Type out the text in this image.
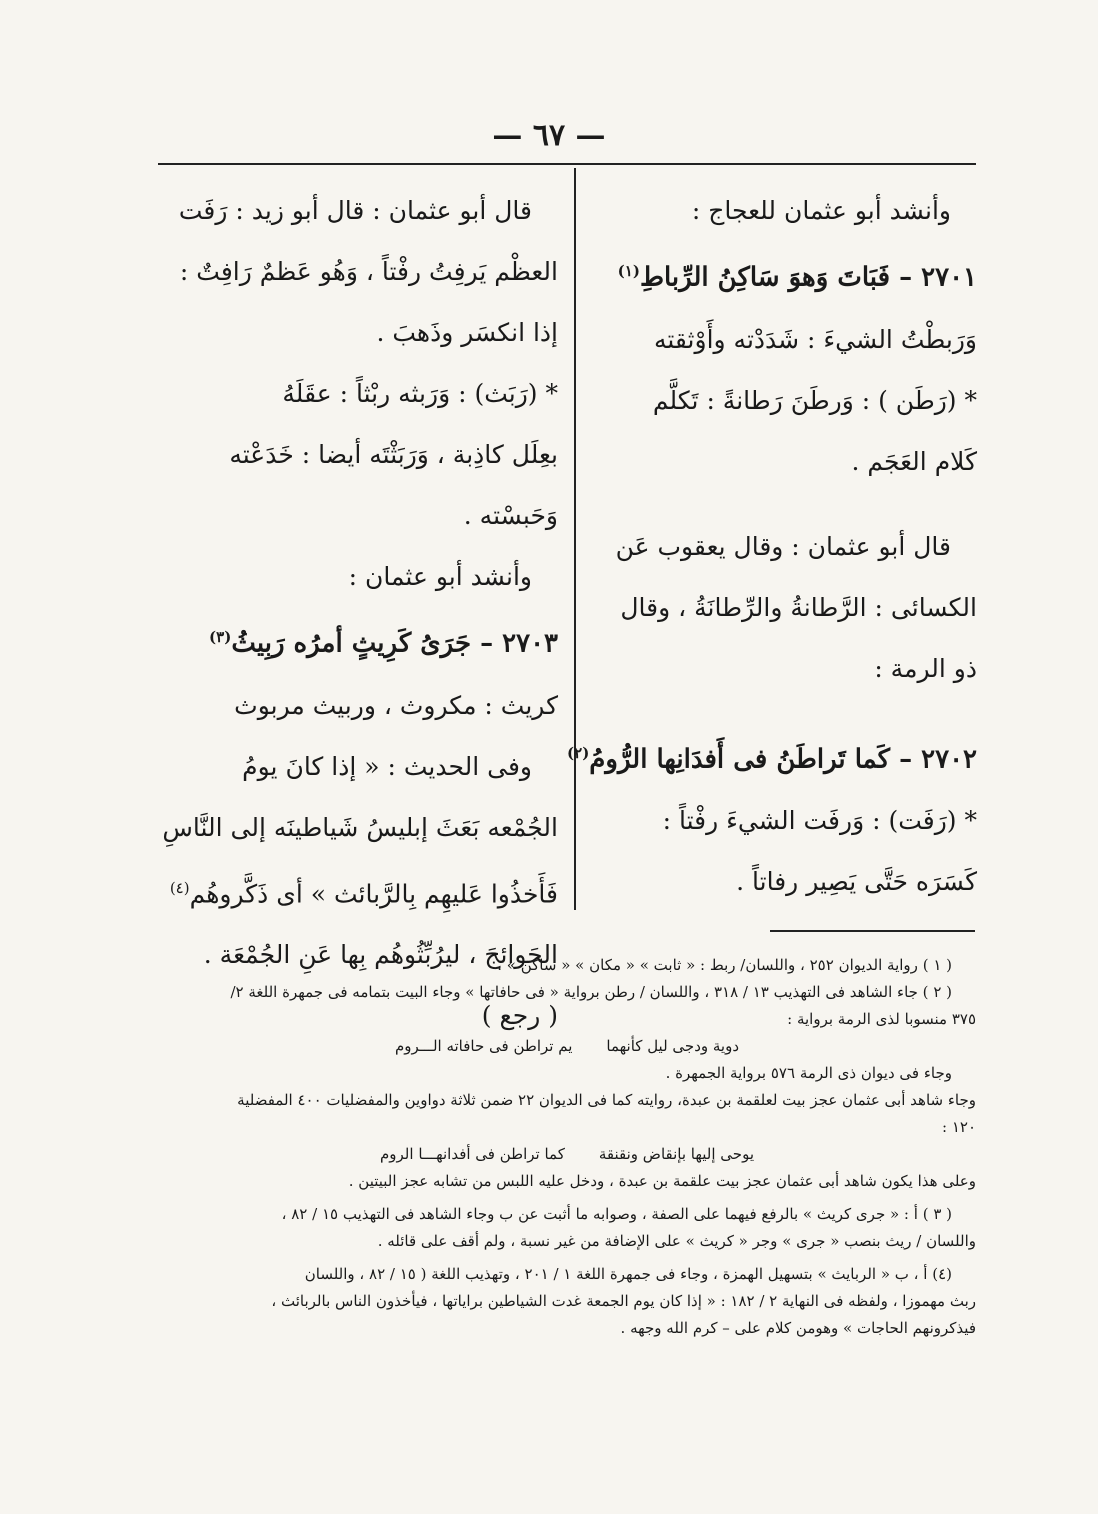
— ٦٧ —
وأنشد أبو عثمان للعجاج :
٢٧٠١ – فَبَاتَ وَهوَ سَاكِنُ الرِّباطِ$^{(١)}$
وَرَبطْتُ الشيءَ : شَدَدْته وأَوْثقته
* (رَطَن ) : وَرطَنَ رَطانةً : تَكلَّم
كَلام العَجَم .
قال أبو عثمان : وقال يعقوب عَن
الكسائى : الرَّطانةُ والرِّطانَةُ ، وقال
ذو الرمة :
٢٧٠٢ – كَما تَراطَنُ فى أَفدَانِها الرُّومُ$^{(٢)}$
* (رَفَت) : وَرفَت الشيءَ رفْتاً :
كَسَرَه حَتَّى يَصِير رفاتاً .
قال أبو عثمان : قال أبو زيد : رَفَت
العظْم يَرفِتُ رفْتاً ، وَهُو عَظمٌ رَافِتٌ :
إذا انكسَر وذَهبَ .
* (رَبَث) : وَرَبثه ربْثاً : عقَلَهُ
بعِلَل كاذِبة ، وَرَبَثْتَه أيضا : خَدَعْته
وَحَبسْته .
وأنشد أبو عثمان :
٢٧٠٣ – جَرَىُ كَرِيثٍ أمرُه رَبِيثُ$^{(٣)}$
كريث : مكروث ، وربيث مربوث
وفى الحديث : « إذا كانَ يومُ
الجُمْعه بَعَثَ إبليسُ شَياطينَه إلى النَّاسِ
فَأَخذُوا عَليهِم بِالرَّبائث » أى ذَكَّروهُم$^{(٤)}$
الحَوائجَ ، ليرُبِّثُوهُم بِها عَنِ الجُمْعَة .
( رجع )
( ١ ) رواية الديوان ٢٥٢ ، واللسان/ ربط : « ثابت » « مكان » « ساكن » .
( ٢ ) جاء الشاهد فى التهذيب ١٣ / ٣١٨ ، واللسان / رطن برواية « فى حافاتها » وجاء البيت بتمامه فى جمهرة اللغة ٢/
٣٧٥ منسوبا لذى الرمة برواية :
دوية ودجى ليل كأنهما
يم تراطن فى حافاته الـــروم
وجاء فى ديوان ذى الرمة ٥٧٦ برواية الجمهرة .
وجاء شاهد أبى عثمان عجز بيت لعلقمة بن عبدة، روايته كما فى الديوان ٢٢ ضمن ثلاثة دواوين والمفضليات ٤٠٠ المفضلية
١٢٠ :
يوحى إليها بإنقاض ونقنقة
كما تراطن فى أفدانهـــا الروم
وعلى هذا يكون شاهد أبى عثمان عجز بيت علقمة بن عبدة ، ودخل عليه اللبس من تشابه عجز البيتين .
( ٣ ) أ : « جرى كريث » بالرفع فيهما على الصفة ، وصوابه ما أثبت عن ب وجاء الشاهد فى التهذيب ١٥ / ٨٢ ،
واللسان / ريث بنصب « جرى » وجر « كريث » على الإضافة من غير نسبة ، ولم أقف على قائله .
(٤) أ ، ب « الربايث » بتسهيل الهمزة ، وجاء فى جمهرة اللغة ١ / ٢٠١ ، وتهذيب اللغة ( ١٥ / ٨٢ ، واللسان
ربث مهموزا ، ولفظه فى النهاية ٢ / ١٨٢ : « إذا كان يوم الجمعة غدت الشياطين براياتها ، فيأخذون الناس بالربائث ،
فيذكرونهم الحاجات » وهومن كلام على – كرم الله وجهه .
